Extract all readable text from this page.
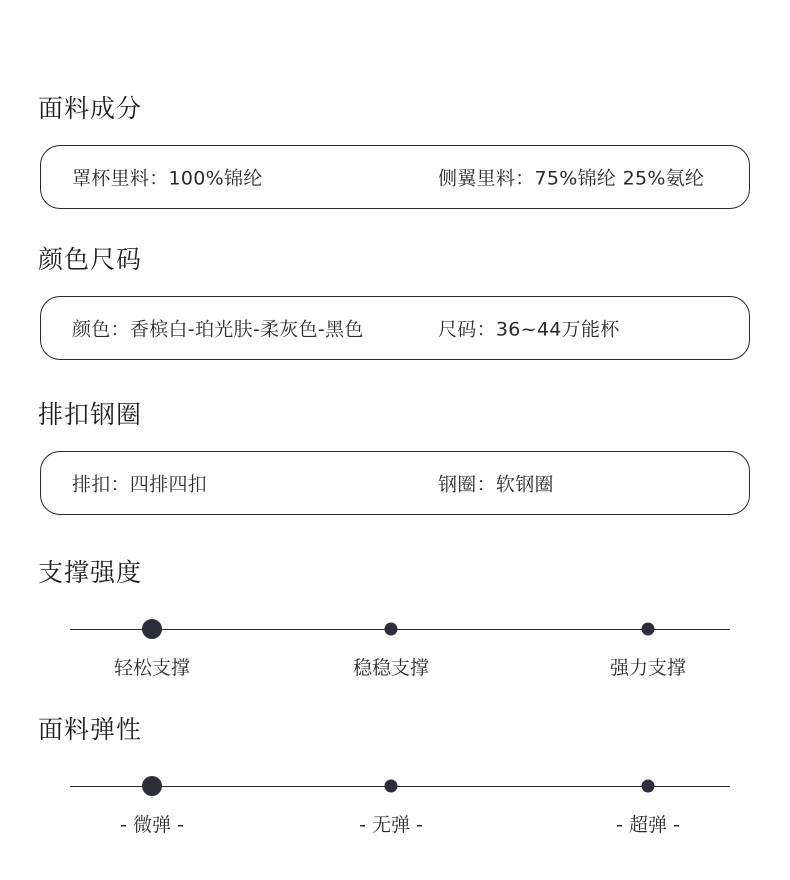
面料成分
罩杯里料：100%锦纶	侧翼里料：75%锦纶 25%氨纶
颜色尺码
颜色：香槟白-珀光肤-柔灰色-黑色	尺码：36~44万能杯
排扣钢圈
排扣：四排四扣	钢圈：软钢圈
支撑强度
轻松支撑	稳稳支撑	强力支撑
面料弹性
- 微弹 -	- 无弹 -	- 超弹 -
